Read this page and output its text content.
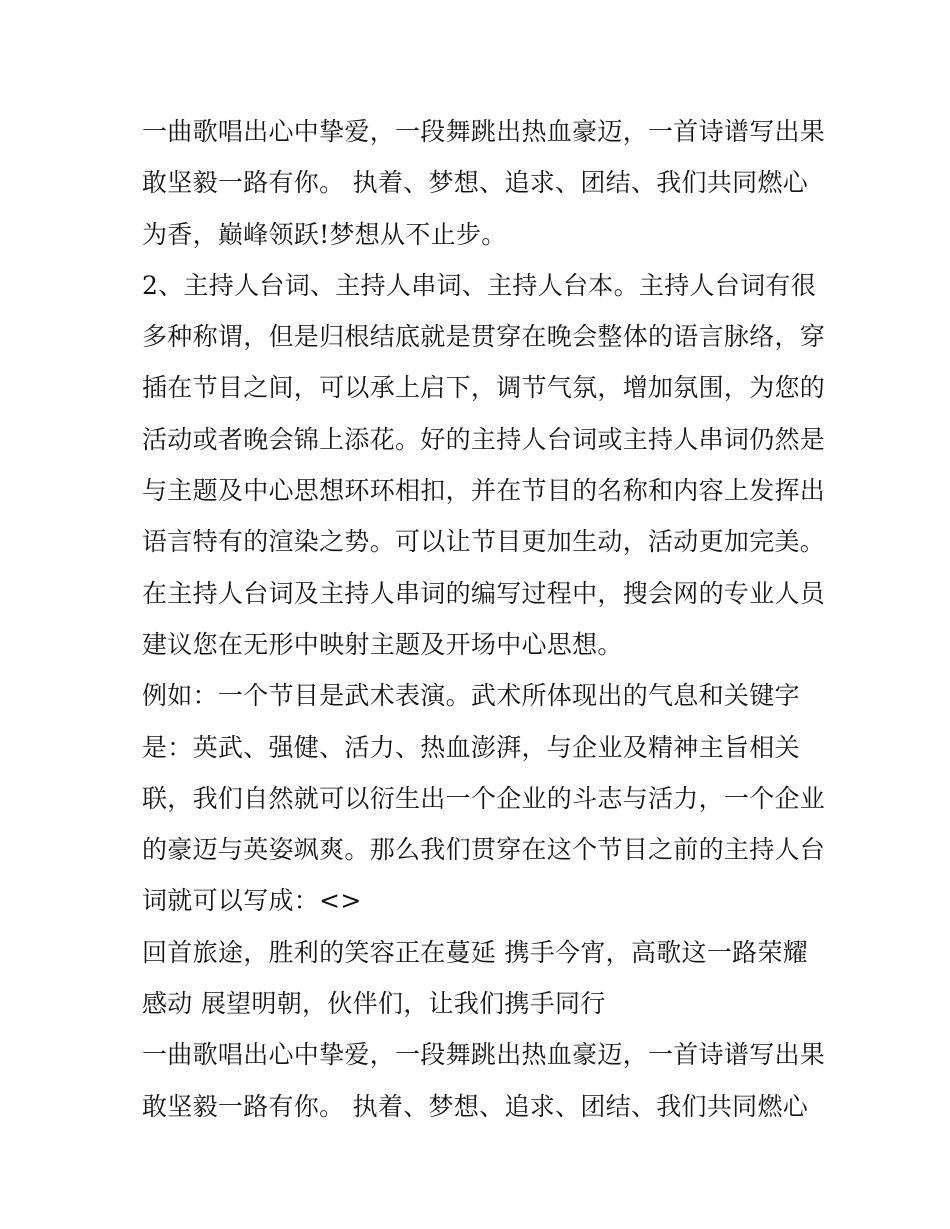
一曲歌唱出心中挚爱，一段舞跳出热血豪迈，一首诗谱写出果
敢坚毅一路有你。 执着、梦想、追求、团结、我们共同燃心
为香，巅峰领跃!梦想从不止步。
2、主持人台词、主持人串词、主持人台本。主持人台词有很
多种称谓，但是归根结底就是贯穿在晚会整体的语言脉络，穿
插在节目之间，可以承上启下，调节气氛，增加氛围，为您的
活动或者晚会锦上添花。好的主持人台词或主持人串词仍然是
与主题及中心思想环环相扣，并在节目的名称和内容上发挥出
语言特有的渲染之势。可以让节目更加生动，活动更加完美。
在主持人台词及主持人串词的编写过程中，搜会网的专业人员
建议您在无形中映射主题及开场中心思想。
例如：一个节目是武术表演。武术所体现出的气息和关键字
是：英武、强健、活力、热血澎湃，与企业及精神主旨相关
联，我们自然就可以衍生出一个企业的斗志与活力，一个企业
的豪迈与英姿飒爽。那么我们贯穿在这个节目之前的主持人台
词就可以写成：<>
回首旅途，胜利的笑容正在蔓延 携手今宵，高歌这一路荣耀
感动 展望明朝，伙伴们，让我们携手同行
一曲歌唱出心中挚爱，一段舞跳出热血豪迈，一首诗谱写出果
敢坚毅一路有你。 执着、梦想、追求、团结、我们共同燃心
